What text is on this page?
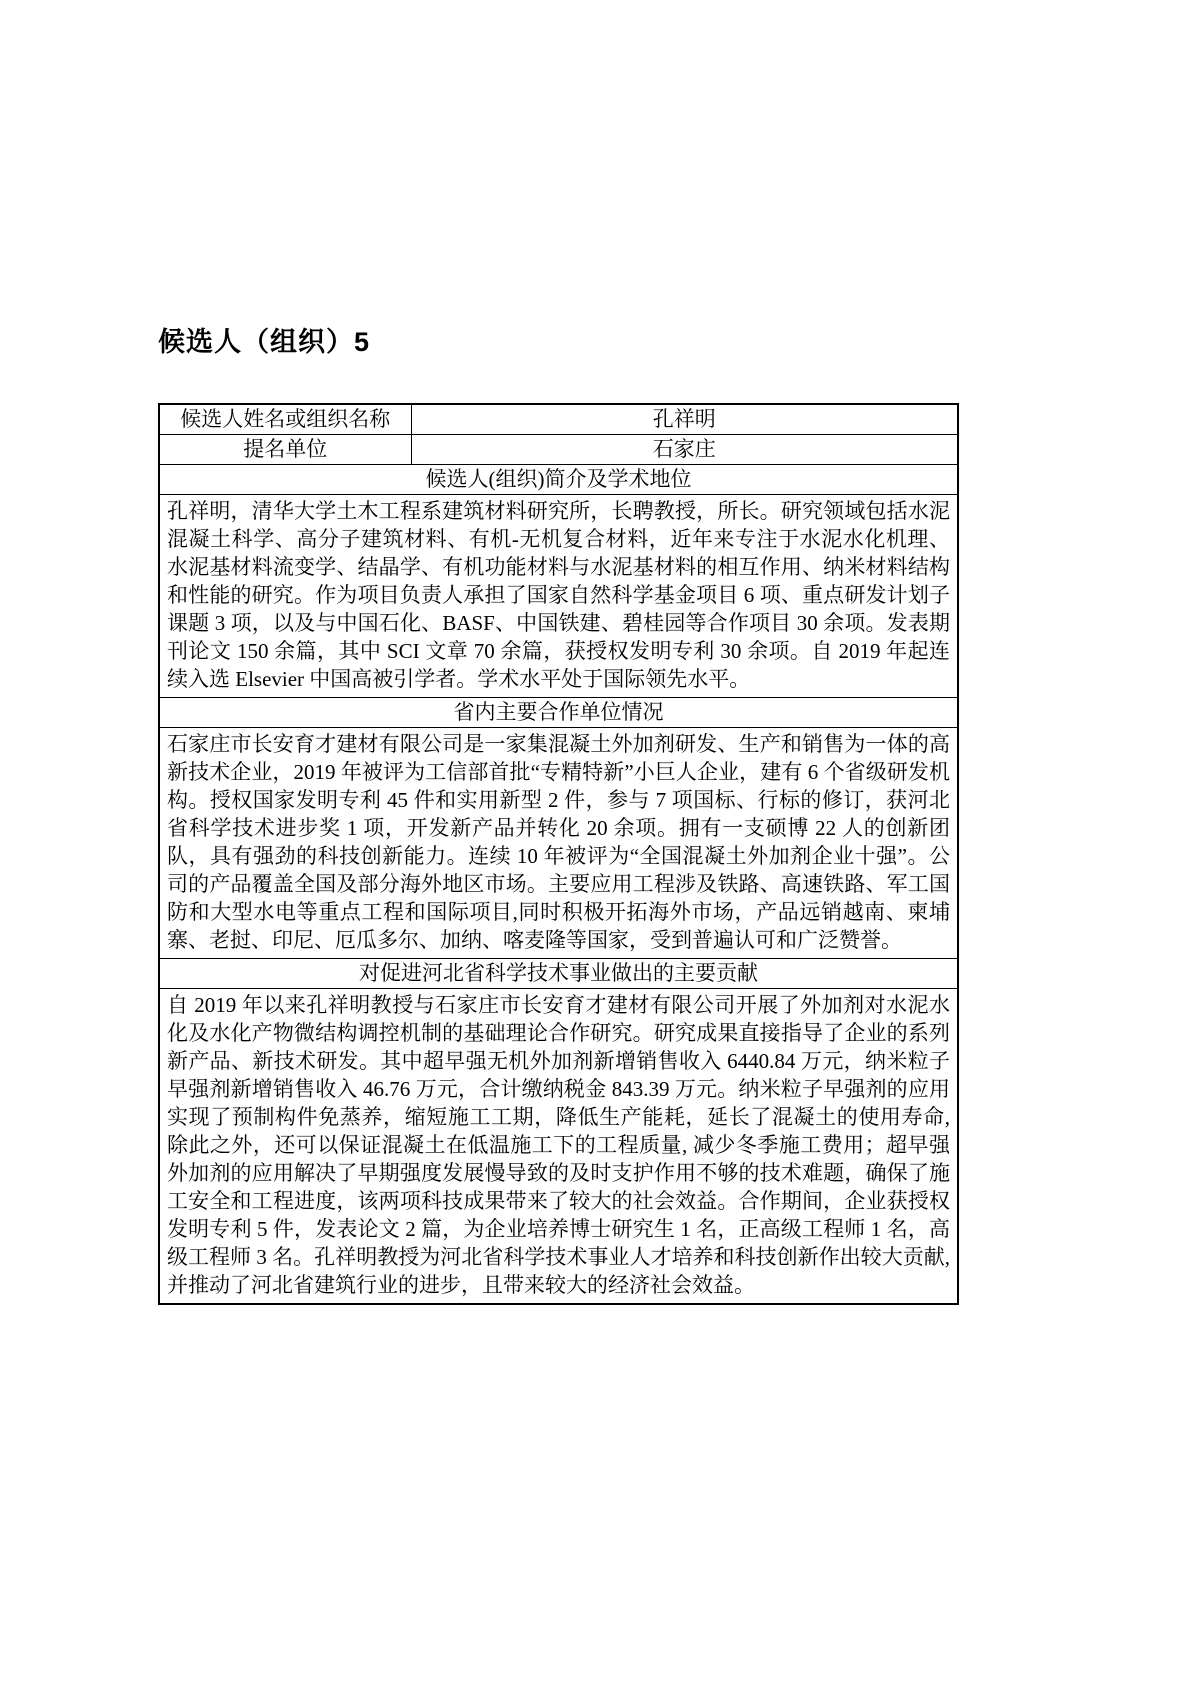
候选人（组织）5
候选人姓名或组织名称	孔祥明
提名单位	石家庄
候选人(组织)简介及学术地位	
孔祥明，清华大学土木工程系建筑材料研究所，长聘教授，所长。研究领域包括水泥混凝土科学、高分子建筑材料、有机-无机复合材料，近年来专注于水泥水化机理、水泥基材料流变学、结晶学、有机功能材料与水泥基材料的相互作用、纳米材料结构和性能的研究。作为项目负责人承担了国家自然科学基金项目 6 项、重点研发计划子课题 3 项，以及与中国石化、BASF、中国铁建、碧桂园等合作项目 30 余项。发表期刊论文 150 余篇，其中 SCI 文章 70 余篇，获授权发明专利 30 余项。自 2019 年起连续入选 Elsevier 中国高被引学者。学术水平处于国际领先水平。	
省内主要合作单位情况	
石家庄市长安育才建材有限公司是一家集混凝土外加剂研发、生产和销售为一体的高新技术企业，2019 年被评为工信部首批“专精特新”小巨人企业，建有 6 个省级研发机构。授权国家发明专利 45 件和实用新型 2 件，参与 7 项国标、行标的修订，获河北省科学技术进步奖 1 项，开发新产品并转化 20 余项。拥有一支硕博 22 人的创新团队，具有强劲的科技创新能力。连续 10 年被评为“全国混凝土外加剂企业十强”。公司的产品覆盖全国及部分海外地区市场。主要应用工程涉及铁路、高速铁路、军工国防和大型水电等重点工程和国际项目,同时积极开拓海外市场，产品远销越南、柬埔寨、老挝、印尼、厄瓜多尔、加纳、喀麦隆等国家，受到普遍认可和广泛赞誉。	
对促进河北省科学技术事业做出的主要贡献	
自 2019 年以来孔祥明教授与石家庄市长安育才建材有限公司开展了外加剂对水泥水化及水化产物微结构调控机制的基础理论合作研究。研究成果直接指导了企业的系列新产品、新技术研发。其中超早强无机外加剂新增销售收入 6440.84 万元，纳米粒子早强剂新增销售收入 46.76 万元，合计缴纳税金 843.39 万元。纳米粒子早强剂的应用实现了预制构件免蒸养，缩短施工工期，降低生产能耗，延长了混凝土的使用寿命, 除此之外，还可以保证混凝土在低温施工下的工程质量, 减少冬季施工费用；超早强外加剂的应用解决了早期强度发展慢导致的及时支护作用不够的技术难题，确保了施工安全和工程进度，该两项科技成果带来了较大的社会效益。合作期间，企业获授权发明专利 5 件，发表论文 2 篇，为企业培养博士研究生 1 名，正高级工程师 1 名，高级工程师 3 名。孔祥明教授为河北省科学技术事业人才培养和科技创新作出较大贡献, 并推动了河北省建筑行业的进步，且带来较大的经济社会效益。	
